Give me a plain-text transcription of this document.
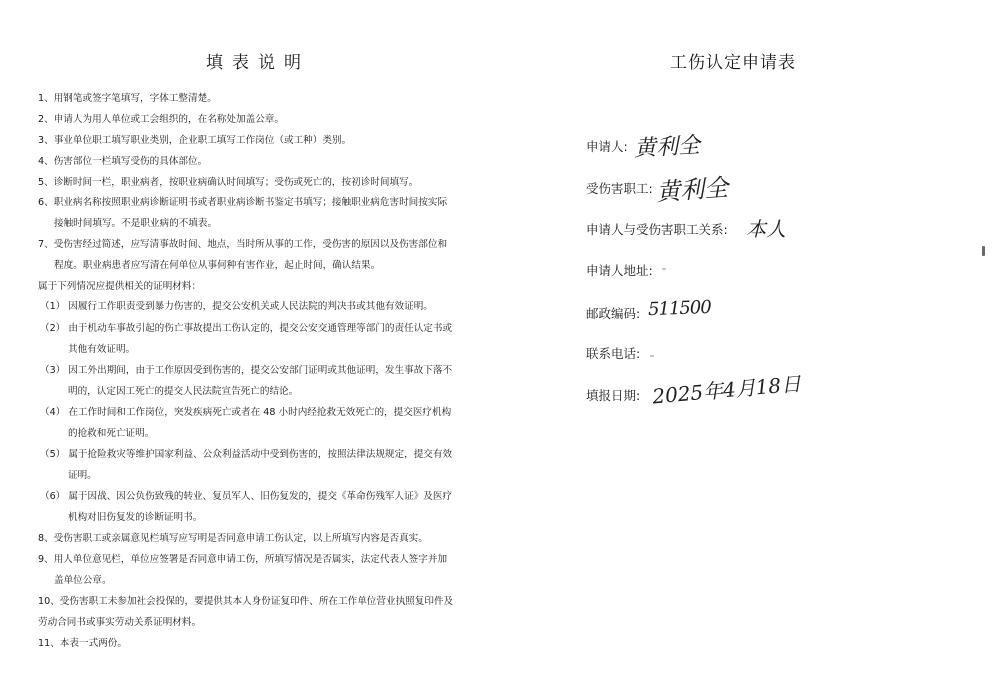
填表说明
1、用钢笔或签字笔填写，字体工整清楚。
2、申请人为用人单位或工会组织的，在名称处加盖公章。
3、事业单位职工填写职业类别，企业职工填写工作岗位（或工种）类别。
4、伤害部位一栏填写受伤的具体部位。
5、诊断时间一栏，职业病者，按职业病确认时间填写；受伤或死亡的，按初诊时间填写。
6、职业病名称按照职业病诊断证明书或者职业病诊断书鉴定书填写；接触职业病危害时间按实际
接触时间填写。不是职业病的不填表。
7、受伤害经过简述，应写清事故时间、地点，当时所从事的工作，受伤害的原因以及伤害部位和
程度。职业病患者应写清在何单位从事何种有害作业，起止时间，确认结果。
属于下列情况应提供相关的证明材料：
（1） 因履行工作职责受到暴力伤害的，提交公安机关或人民法院的判决书或其他有效证明。
（2） 由于机动车事故引起的伤亡事故提出工伤认定的，提交公安交通管理等部门的责任认定书或
其他有效证明。
（3） 因工外出期间，由于工作原因受到伤害的，提交公安部门证明或其他证明，发生事故下落不
明的，认定因工死亡的提交人民法院宣告死亡的结论。
（4） 在工作时间和工作岗位，突发疾病死亡或者在 48 小时内经抢救无效死亡的，提交医疗机构
的抢救和死亡证明。
（5） 属于抢险救灾等维护国家利益、公众利益活动中受到伤害的，按照法律法规规定，提交有效
证明。
（6） 属于因战、因公负伤致残的转业、复员军人、旧伤复发的，提交《革命伤残军人证》及医疗
机构对旧伤复发的诊断证明书。
8、受伤害职工或亲属意见栏填写应写明是否同意申请工伤认定，以上所填写内容是否真实。
9、用人单位意见栏，单位应签署是否同意申请工伤，所填写情况是否属实，法定代表人签字并加
盖单位公章。
10、受伤害职工未参加社会投保的，要提供其本人身份证复印件、所在工作单位营业执照复印件及
劳动合同书或事实劳动关系证明材料。
11、本表一式两份。
工伤认定申请表
申请人: 黄利全
受伤害职工: 黄利全
申请人与受伤害职工关系: 本人
申请人地址:
邮政编码: 511500
联系电话:
填报日期: 2025年4月18日
